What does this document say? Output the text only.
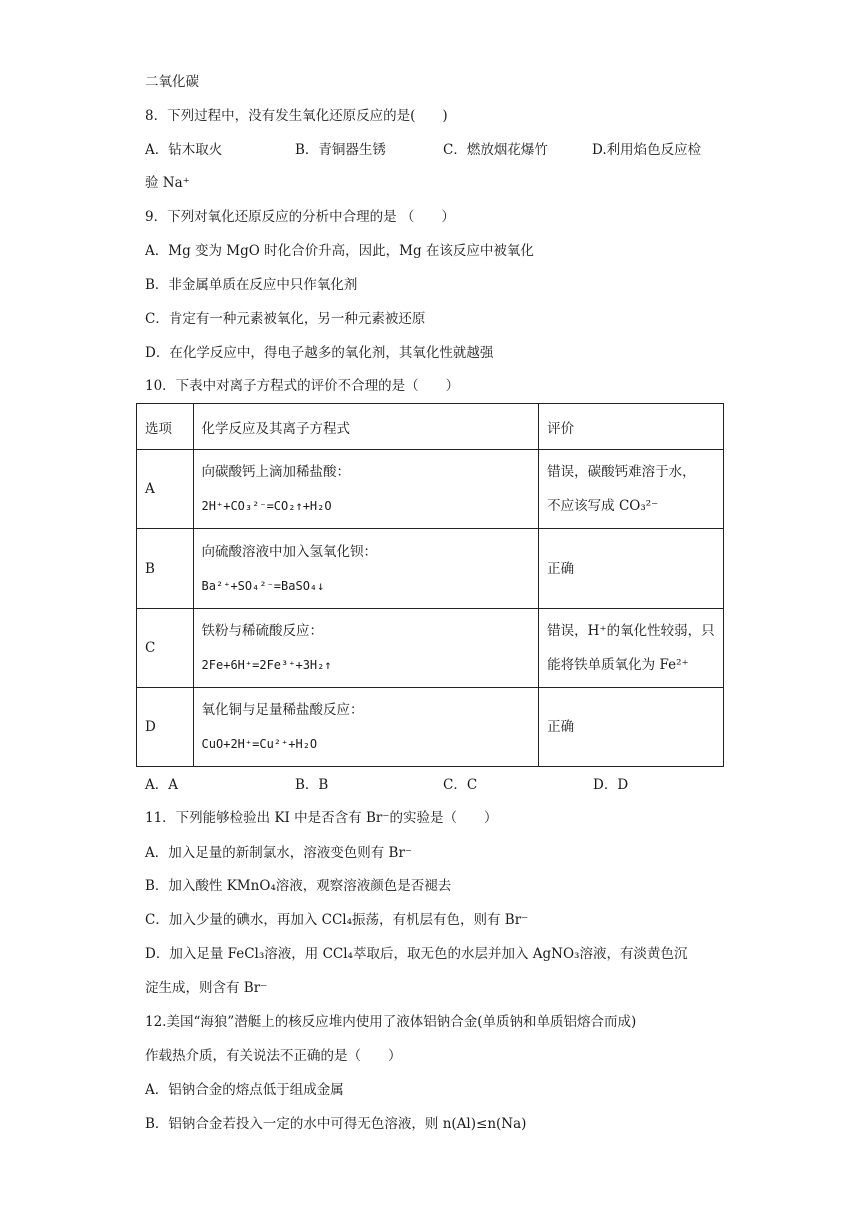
二氧化碳
8．下列过程中，没有发生氧化还原反应的是(　　)
A．钻木取火	B．青铜器生锈	C．燃放烟花爆竹	D.利用焰色反应检
验 Na⁺
9．下列对氧化还原反应的分析中合理的是 （　　）
A．Mg 变为 MgO 时化合价升高，因此，Mg 在该反应中被氧化
B．非金属单质在反应中只作氧化剂
C．肯定有一种元素被氧化，另一种元素被还原
D．在化学反应中，得电子越多的氧化剂，其氧化性就越强
10．下表中对离子方程式的评价不合理的是（　　）
选项	化学反应及其离子方程式	评价
A	向碳酸钙上滴加稀盐酸：
2H⁺+CO₃²⁻=CO₂↑+H₂O	错误，碳酸钙难溶于水，
不应该写成 CO₃²⁻

B	向硫酸溶液中加入氢氧化钡：
Ba²⁺+SO₄²⁻=BaSO₄↓	正确

C	铁粉与稀硫酸反应：
2Fe+6H⁺=2Fe³⁺+3H₂↑	错误，H⁺的氧化性较弱，只
能将铁单质氧化为 Fe²⁺

D	氧化铜与足量稀盐酸反应：
CuO+2H⁺=Cu²⁺+H₂O	正确
A．A	B．B	C．C	D．D
11．下列能够检验出 KI 中是否含有 Br⁻的实验是（　　）
A．加入足量的新制氯水，溶液变色则有 Br⁻
B．加入酸性 KMnO₄溶液，观察溶液颜色是否褪去
C．加入少量的碘水，再加入 CCl₄振荡，有机层有色，则有 Br⁻
D．加入足量 FeCl₃溶液，用 CCl₄萃取后，取无色的水层并加入 AgNO₃溶液，有淡黄色沉
淀生成，则含有 Br⁻
12.美国“海狼”潜艇上的核反应堆内使用了液体铝钠合金(单质钠和单质铝熔合而成)
作载热介质，有关说法不正确的是（　　）
A．铝钠合金的熔点低于组成金属
B．铝钠合金若投入一定的水中可得无色溶液，则 n(Al)≤n(Na)
